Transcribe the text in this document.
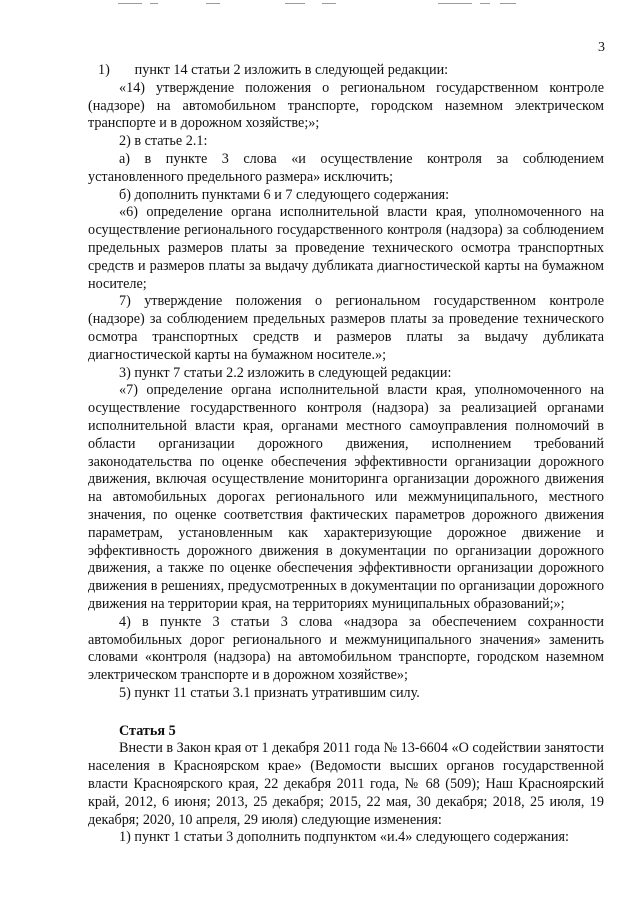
3

1)       пункт 14 статьи 2 изложить в следующей редакции:

«14) утверждение положения о региональном государственном контроле (надзоре) на автомобильном транспорте, городском наземном электрическом транспорте и в дорожном хозяйстве;»;

2) в статье 2.1:

а) в пункте 3 слова «и осуществление контроля за соблюдением установленного предельного размера» исключить;

б) дополнить пунктами 6 и 7 следующего содержания:

«6) определение органа исполнительной власти края, уполномоченного на осуществление регионального государственного контроля (надзора) за соблюдением предельных размеров платы за проведение технического осмотра транспортных средств и размеров платы за выдачу дубликата диагностической карты на бумажном носителе;

7) утверждение положения о региональном государственном контроле (надзоре) за соблюдением предельных размеров платы за проведение технического осмотра транспортных средств и размеров платы за выдачу дубликата диагностической карты на бумажном носителе.»;

3) пункт 7 статьи 2.2 изложить в следующей редакции:

«7) определение органа исполнительной власти края, уполномоченного на осуществление государственного контроля (надзора) за реализацией органами исполнительной власти края, органами местного самоуправления полномочий в области организации дорожного движения, исполнением требований законодательства по оценке обеспечения эффективности организации дорожного движения, включая осуществление мониторинга организации дорожного движения на автомобильных дорогах регионального или межмуниципального, местного значения, по оценке соответствия фактических параметров дорожного движения параметрам, установленным как характеризующие дорожное движение и эффективность дорожного движения в документации по организации дорожного движения, а также по оценке обеспечения эффективности организации дорожного движения в решениях, предусмотренных в документации по организации дорожного движения на территории края, на территориях муниципальных образований;»;

4) в пункте 3 статьи 3 слова «надзора за обеспечением сохранности автомобильных дорог регионального и межмуниципального значения» заменить словами «контроля (надзора) на автомобильном транспорте, городском наземном электрическом транспорте и в дорожном хозяйстве»;

5) пункт 11 статьи 3.1 признать утратившим силу.

Статья 5

Внести в Закон края от 1 декабря 2011 года № 13-6604 «О содействии занятости населения в Красноярском крае» (Ведомости высших органов государственной власти Красноярского края, 22 декабря 2011 года, № 68 (509); Наш Красноярский край, 2012, 6 июня; 2013, 25 декабря; 2015, 22 мая, 30 декабря; 2018, 25 июля, 19 декабря; 2020, 10 апреля, 29 июля) следующие изменения:

1) пункт 1 статьи 3 дополнить подпунктом «и.4» следующего содержания:
